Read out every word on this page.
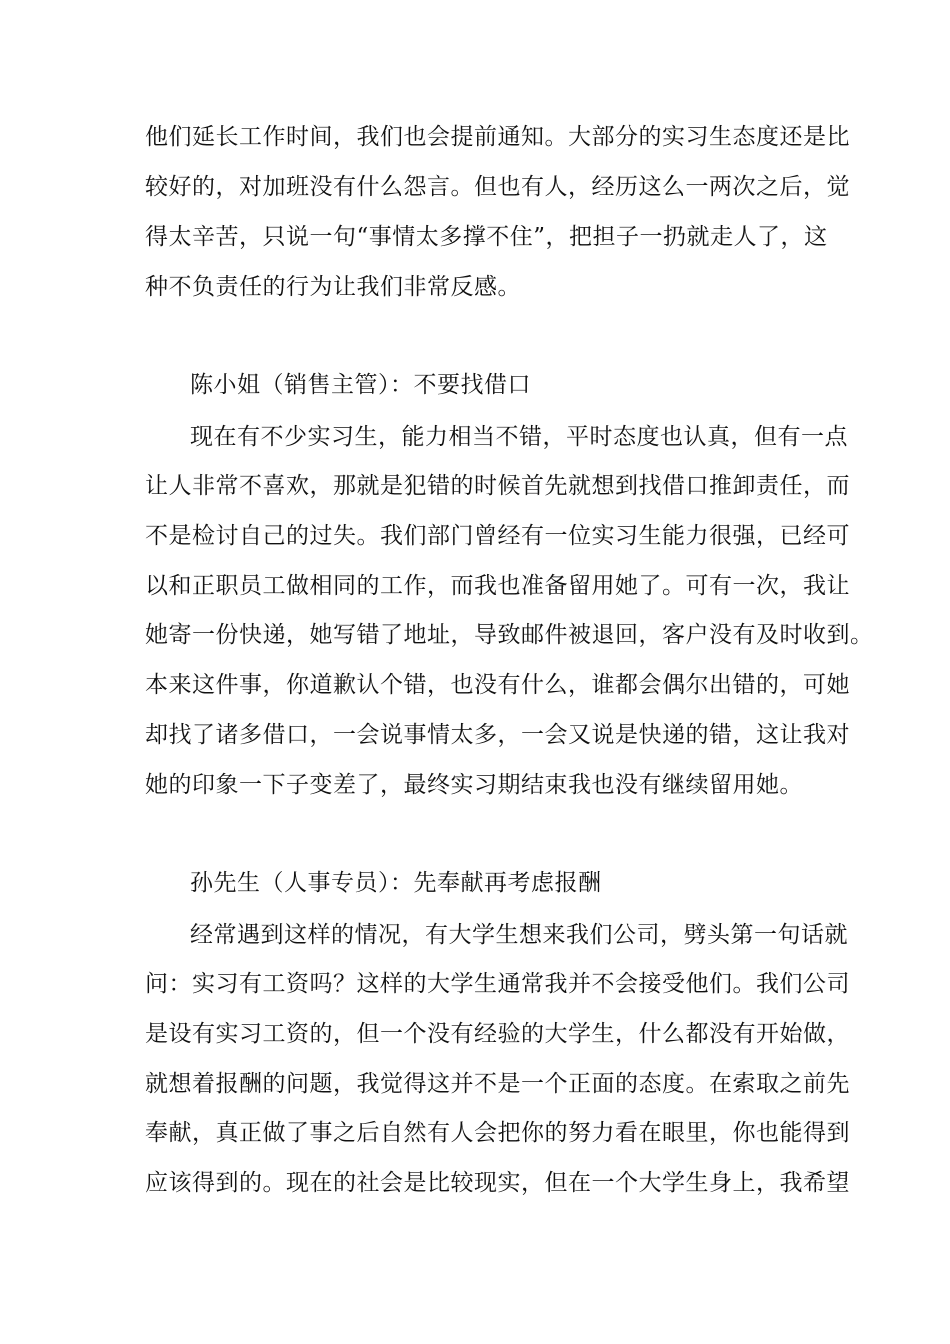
他们延长工作时间，我们也会提前通知。大部分的实习生态度还是比
较好的，对加班没有什么怨言。但也有人，经历这么一两次之后，觉
得太辛苦，只说一句“事情太多撑不住”，把担子一扔就走人了，这
种不负责任的行为让我们非常反感。
陈小姐（销售主管）：不要找借口
现在有不少实习生，能力相当不错，平时态度也认真，但有一点
让人非常不喜欢，那就是犯错的时候首先就想到找借口推卸责任，而
不是检讨自己的过失。我们部门曾经有一位实习生能力很强，已经可
以和正职员工做相同的工作，而我也准备留用她了。可有一次，我让
她寄一份快递，她写错了地址，导致邮件被退回，客户没有及时收到。
本来这件事，你道歉认个错，也没有什么，谁都会偶尔出错的，可她
却找了诸多借口，一会说事情太多，一会又说是快递的错，这让我对
她的印象一下子变差了，最终实习期结束我也没有继续留用她。
孙先生（人事专员）：先奉献再考虑报酬
经常遇到这样的情况，有大学生想来我们公司，劈头第一句话就
问：实习有工资吗？这样的大学生通常我并不会接受他们。我们公司
是设有实习工资的，但一个没有经验的大学生，什么都没有开始做，
就想着报酬的问题，我觉得这并不是一个正面的态度。在索取之前先
奉献，真正做了事之后自然有人会把你的努力看在眼里，你也能得到
应该得到的。现在的社会是比较现实，但在一个大学生身上，我希望
